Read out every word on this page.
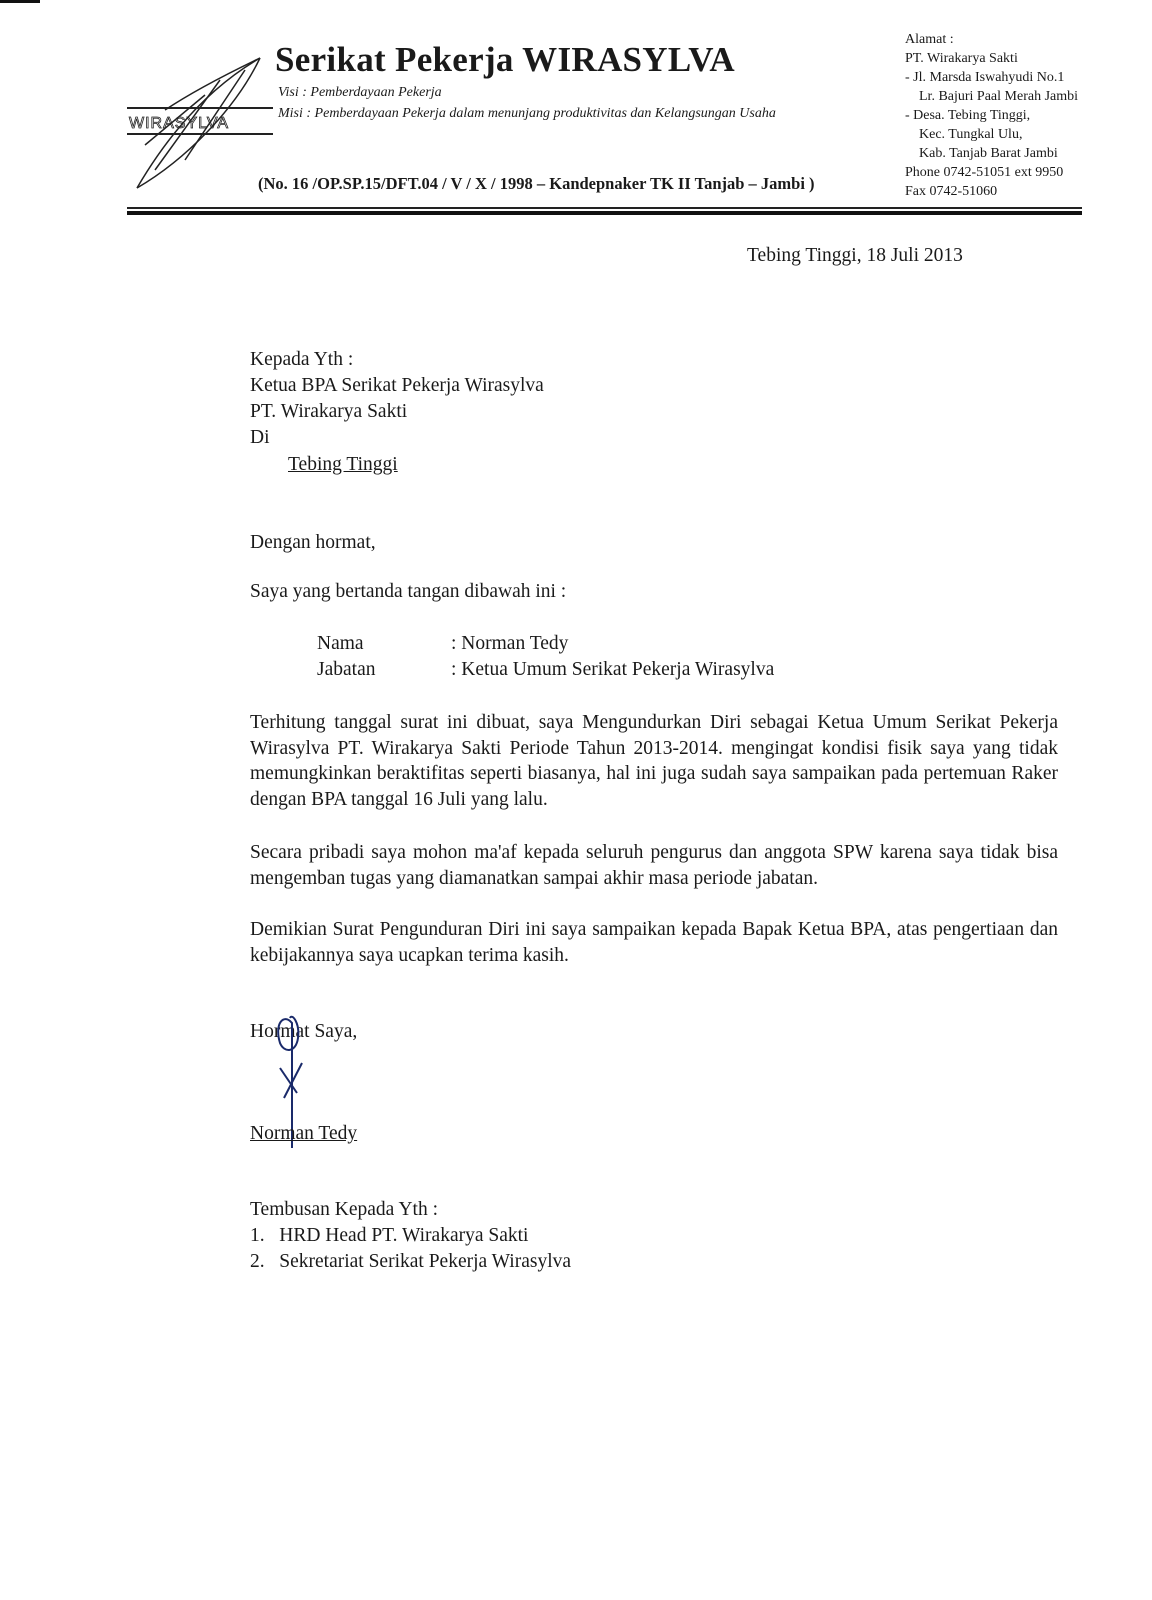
WIRASYLVA
Serikat Pekerja WIRASYLVA
Visi : Pemberdayaan Pekerja
Misi : Pemberdayaan Pekerja dalam menunjang produktivitas dan Kelangsungan Usaha
(No. 16 /OP.SP.15/DFT.04 / V / X / 1998 – Kandepnaker TK II Tanjab – Jambi )
Alamat :
PT. Wirakarya Sakti
- Jl. Marsda Iswahyudi No.1
Lr. Bajuri Paal Merah Jambi
- Desa. Tebing Tinggi,
Kec. Tungkal Ulu,
Kab. Tanjab Barat Jambi
Phone 0742-51051 ext 9950
Fax 0742-51060
Tebing Tinggi, 18 Juli 2013
Kepada Yth :
Ketua BPA Serikat Pekerja Wirasylva
PT. Wirakarya Sakti
Di
Tebing Tinggi
Dengan hormat,
Saya yang bertanda tangan dibawah ini :
Nama	: Norman Tedy
Jabatan	: Ketua Umum Serikat Pekerja Wirasylva
Terhitung tanggal surat ini dibuat, saya Mengundurkan Diri sebagai Ketua Umum Serikat Pekerja Wirasylva PT. Wirakarya Sakti Periode Tahun 2013-2014. mengingat kondisi fisik saya yang tidak memungkinkan beraktifitas seperti biasanya, hal ini juga sudah saya sampaikan pada pertemuan Raker dengan BPA tanggal 16 Juli yang lalu.
Secara pribadi saya mohon ma'af kepada seluruh pengurus dan anggota SPW karena saya tidak bisa mengemban tugas yang diamanatkan sampai akhir masa periode jabatan.
Demikian Surat Pengunduran Diri ini saya sampaikan kepada Bapak Ketua BPA, atas pengertiaan dan kebijakannya saya ucapkan terima kasih.
Hormat Saya,
Norman Tedy
Tembusan Kepada Yth :
1.   HRD Head PT. Wirakarya Sakti
2.   Sekretariat Serikat Pekerja Wirasylva
